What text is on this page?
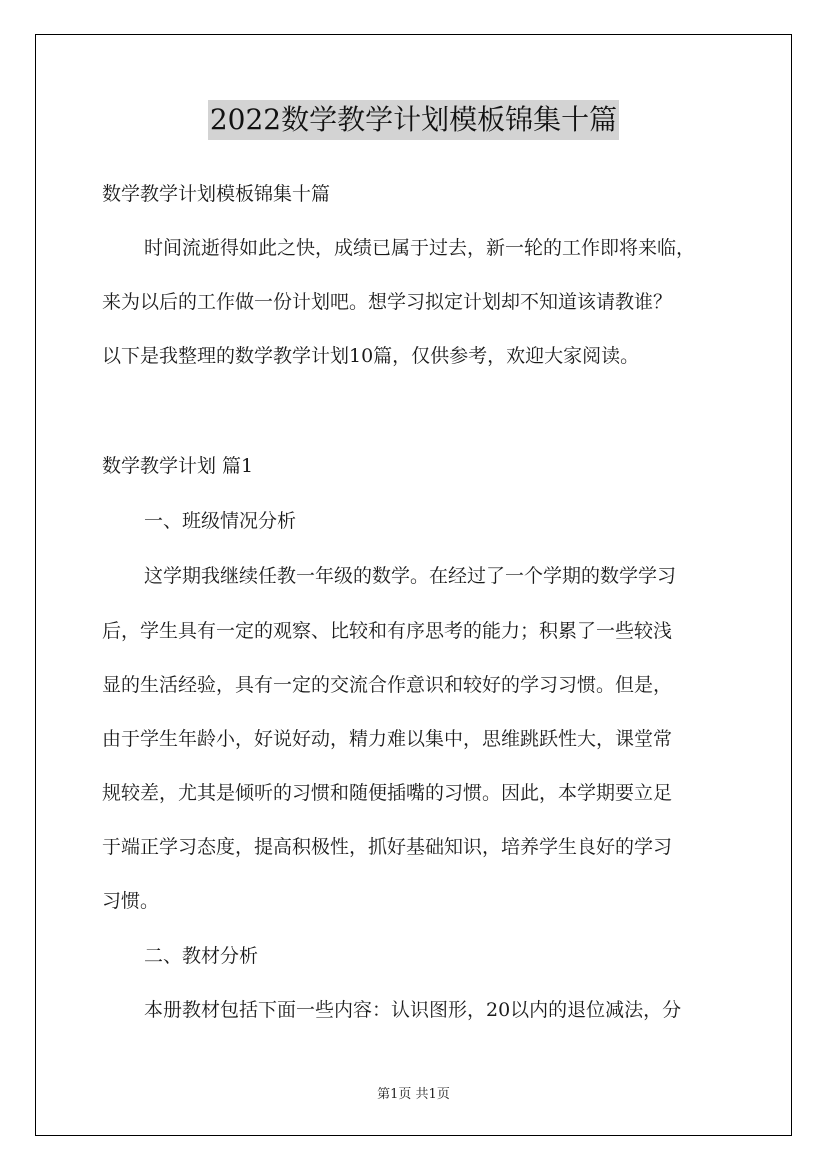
2022数学教学计划模板锦集十篇
数学教学计划模板锦集十篇
时间流逝得如此之快，成绩已属于过去，新一轮的工作即将来临，
来为以后的工作做一份计划吧。想学习拟定计划却不知道该请教谁？
以下是我整理的数学教学计划10篇，仅供参考，欢迎大家阅读。
数学教学计划 篇1
一、班级情况分析
这学期我继续任教一年级的数学。在经过了一个学期的数学学习
后，学生具有一定的观察、比较和有序思考的能力；积累了一些较浅
显的生活经验，具有一定的交流合作意识和较好的学习习惯。但是，
由于学生年龄小，好说好动，精力难以集中，思维跳跃性大，课堂常
规较差，尤其是倾听的习惯和随便插嘴的习惯。因此，本学期要立足
于端正学习态度，提高积极性，抓好基础知识，培养学生良好的学习
习惯。
二、教材分析
本册教材包括下面一些内容：认识图形，20以内的退位减法，分
第1页 共1页
